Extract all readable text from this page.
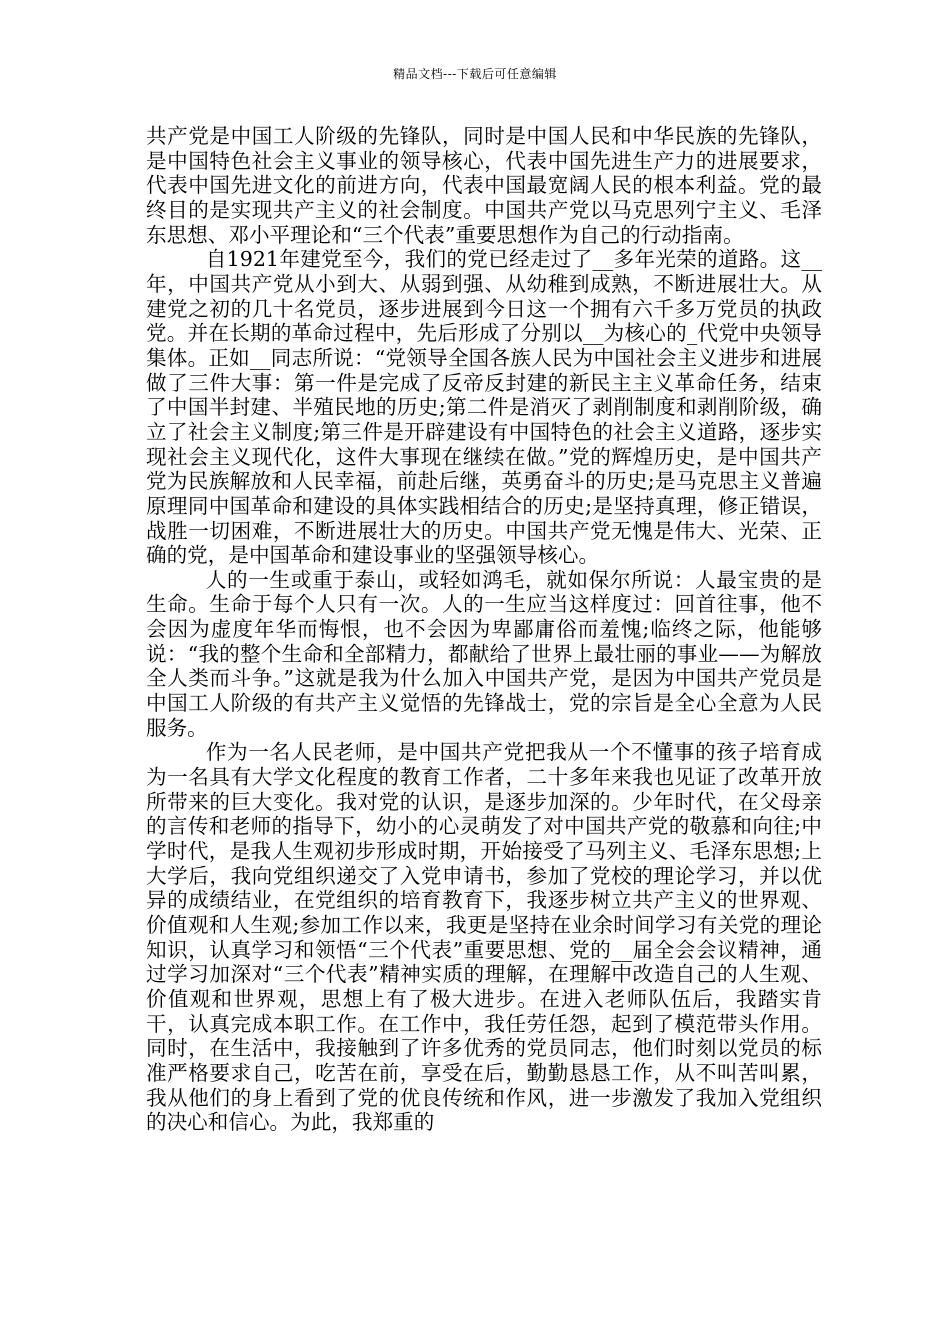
精品文档---下载后可任意编辑

共产党是中国工人阶级的先锋队，同时是中国人民和中华民族的先锋队，是中国特色社会主义事业的领导核心，代表中国先进生产力的进展要求，代表中国先进文化的前进方向，代表中国最宽阔人民的根本利益。党的最终目的是实现共产主义的社会制度。中国共产党以马克思列宁主义、毛泽东思想、邓小平理论和“三个代表”重要思想作为自己的行动指南。

自1921年建党至今，我们的党已经走过了__多年光荣的道路。这__年，中国共产党从小到大、从弱到强、从幼稚到成熟，不断进展壮大。从建党之初的几十名党员，逐步进展到今日这一个拥有六千多万党员的执政党。并在长期的革命过程中，先后形成了分别以__为核心的_代党中央领导集体。正如__同志所说：“党领导全国各族人民为中国社会主义进步和进展做了三件大事：第一件是完成了反帝反封建的新民主主义革命任务，结束了中国半封建、半殖民地的历史;第二件是消灭了剥削制度和剥削阶级，确立了社会主义制度;第三件是开辟建设有中国特色的社会主义道路，逐步实现社会主义现代化，这件大事现在继续在做。”党的辉煌历史，是中国共产党为民族解放和人民幸福，前赴后继，英勇奋斗的历史;是马克思主义普遍原理同中国革命和建设的具体实践相结合的历史;是坚持真理，修正错误，战胜一切困难，不断进展壮大的历史。中国共产党无愧是伟大、光荣、正确的党，是中国革命和建设事业的坚强领导核心。

人的一生或重于泰山，或轻如鸿毛，就如保尔所说：人最宝贵的是生命。生命于每个人只有一次。人的一生应当这样度过：回首往事，他不会因为虚度年华而悔恨，也不会因为卑鄙庸俗而羞愧;临终之际，他能够说：“我的整个生命和全部精力，都献给了世界上最壮丽的事业——为解放全人类而斗争。”这就是我为什么加入中国共产党，是因为中国共产党员是中国工人阶级的有共产主义觉悟的先锋战士，党的宗旨是全心全意为人民服务。

作为一名人民老师，是中国共产党把我从一个不懂事的孩子培育成为一名具有大学文化程度的教育工作者，二十多年来我也见证了改革开放所带来的巨大变化。我对党的认识，是逐步加深的。少年时代，在父母亲的言传和老师的指导下，幼小的心灵萌发了对中国共产党的敬慕和向往;中学时代，是我人生观初步形成时期，开始接受了马列主义、毛泽东思想;上大学后，我向党组织递交了入党申请书，参加了党校的理论学习，并以优异的成绩结业，在党组织的培育教育下，我逐步树立共产主义的世界观、价值观和人生观;参加工作以来，我更是坚持在业余时间学习有关党的理论知识，认真学习和领悟“三个代表”重要思想、党的__届全会会议精神，通过学习加深对“三个代表”精神实质的理解，在理解中改造自己的人生观、价值观和世界观，思想上有了极大进步。在进入老师队伍后，我踏实肯干，认真完成本职工作。在工作中，我任劳任怨，起到了模范带头作用。同时，在生活中，我接触到了许多优秀的党员同志，他们时刻以党员的标准严格要求自己，吃苦在前，享受在后，勤勤恳恳工作，从不叫苦叫累，我从他们的身上看到了党的优良传统和作风，进一步激发了我加入党组织的决心和信心。为此，我郑重的
